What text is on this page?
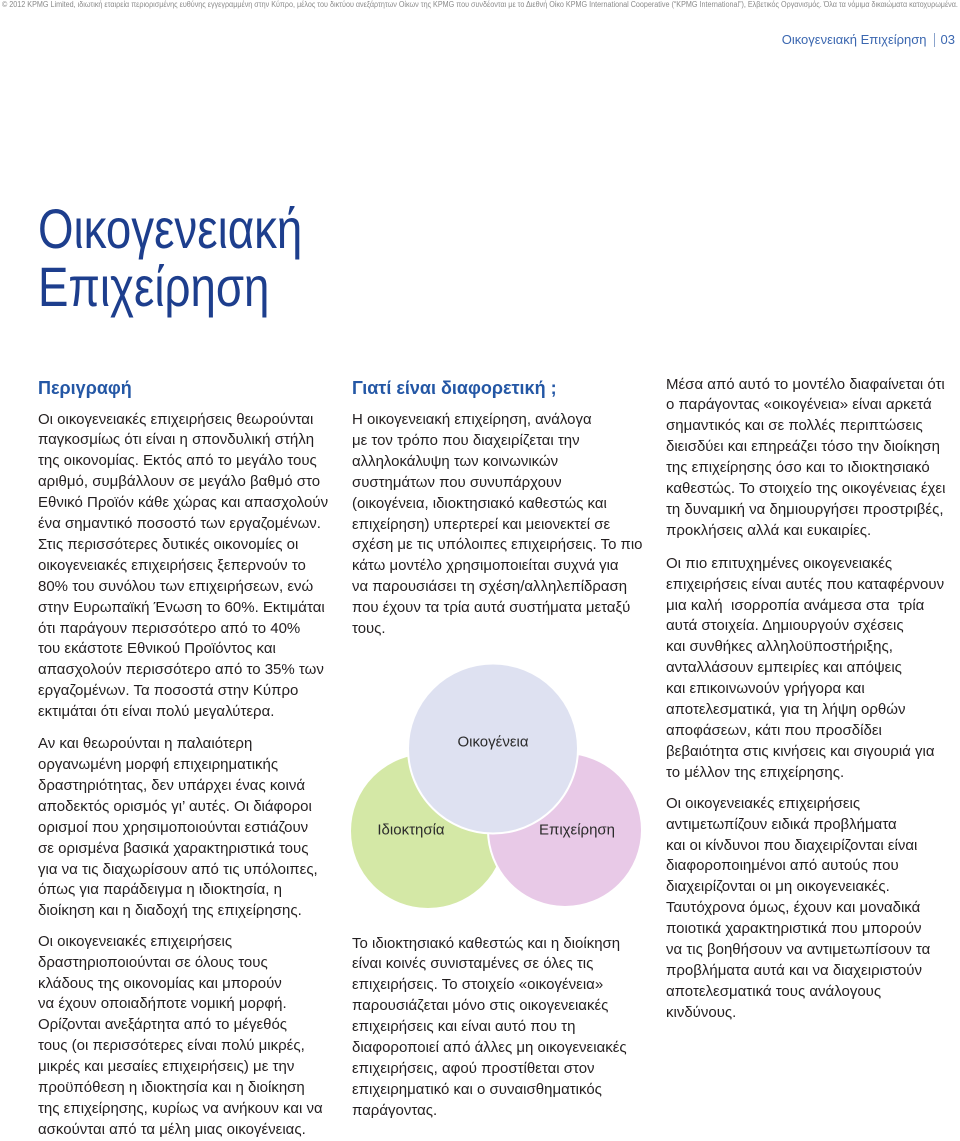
© 2012 KPMG Limited, ιδιωτική εταιρεία περιορισμένης ευθύνης εγγεγραμμένη στην Κύπρο, μέλος του δικτύου ανεξάρτητων Οίκων της KPMG που συνδέονται με το Διεθνή Οίκο KPMG International Cooperative (“KPMG International”), Ελβετικός Οργανισμός. Όλα τα νόμιμα δικαιώματα κατοχυρωμένα.
Οικογενειακή Επιχείρηση 03
Οικογενειακή
Επιχείρηση
Περιγραφή

Οι οικογενειακές επιχειρήσεις θεωρούνται
παγκοσμίως ότι είναι η σπονδυλική στήλη
της οικονομίας. Εκτός από το μεγάλο τους
αριθμό, συμβάλλουν σε μεγάλο βαθμό στο
Εθνικό Προϊόν κάθε χώρας και απασχολούν
ένα σημαντικό ποσοστό των εργαζομένων.
Στις περισσότερες δυτικές οικονομίες οι
οικογενειακές επιχειρήσεις ξεπερνούν το
80% του συνόλου των επιχειρήσεων, ενώ
στην Ευρωπαϊκή Ένωση το 60%. Εκτιμάται
ότι παράγουν περισσότερο από το 40%
του εκάστοτε Εθνικού Προϊόντος και
απασχολούν περισσότερο από το 35% των
εργαζομένων. Τα ποσοστά στην Κύπρο
εκτιμάται ότι είναι πολύ μεγαλύτερα.

Αν και θεωρούνται η παλαιότερη
οργανωμένη μορφή επιχειρηματικής
δραστηριότητας, δεν υπάρχει ένας κοινά
αποδεκτός ορισμός γι’ αυτές. Οι διάφοροι
ορισμοί που χρησιμοποιούνται εστιάζουν
σε ορισμένα βασικά χαρακτηριστικά τους
για να τις διαχωρίσουν από τις υπόλοιπες,
όπως για παράδειγμα η ιδιοκτησία, η
διοίκηση και η διαδοχή της επιχείρησης.

Οι οικογενειακές επιχειρήσεις
δραστηριοποιούνται σε όλους τους
κλάδους της οικονομίας και μπορούν
να έχουν οποιαδήποτε νομική μορφή.
Ορίζονται ανεξάρτητα από το μέγεθός
τους (οι περισσότερες είναι πολύ μικρές,
μικρές και μεσαίες επιχειρήσεις) με την
προϋπόθεση η ιδιοκτησία και η διοίκηση
της επιχείρησης, κυρίως να ανήκουν και να
ασκούνται από τα μέλη μιας οικογένειας.

Γιατί είναι διαφορετική ;

Η οικογενειακή επιχείρηση, ανάλογα
με τον τρόπο που διαχειρίζεται την
αλληλοκάλυψη των κοινωνικών
συστημάτων που συνυπάρχουν
(οικογένεια, ιδιοκτησιακό καθεστώς και
επιχείρηση) υπερτερεί και μειονεκτεί σε
σχέση με τις υπόλοιπες επιχειρήσεις. Το πιο
κάτω μοντέλο χρησιμοποιείται συχνά για
να παρουσιάσει τη σχέση/αλληλεπίδραση
που έχουν τα τρία αυτά συστήματα μεταξύ
τους.

Οικογένεια
Ιδιοκτησία	Επιχείρηση

Το ιδιοκτησιακό καθεστώς και η διοίκηση
είναι κοινές συνισταμένες σε όλες τις
επιχειρήσεις. Το στοιχείο «οικογένεια»
παρουσιάζεται μόνο στις οικογενειακές
επιχειρήσεις και είναι αυτό που τη
διαφοροποιεί από άλλες μη οικογενειακές
επιχειρήσεις, αφού προστίθεται στον
επιχειρηματικό και ο συναισθηματικός
παράγοντας.

Μέσα από αυτό το μοντέλο διαφαίνεται ότι
ο παράγοντας «οικογένεια» είναι αρκετά
σημαντικός και σε πολλές περιπτώσεις
διεισδύει και επηρεάζει τόσο την διοίκηση
της επιχείρησης όσο και το ιδιοκτησιακό
καθεστώς. Το στοιχείο της οικογένειας έχει
τη δυναμική να δημιουργήσει προστριβές,
προκλήσεις αλλά και ευκαιρίες.

Οι πιο επιτυχημένες οικογενειακές
επιχειρήσεις είναι αυτές που καταφέρνουν
μια καλή  ισορροπία ανάμεσα στα  τρία
αυτά στοιχεία. Δημιουργούν σχέσεις
και συνθήκες αλληλοϋποστήριξης,
ανταλλάσουν εμπειρίες και απόψεις
και επικοινωνούν γρήγορα και
αποτελεσματικά, για τη λήψη ορθών
αποφάσεων, κάτι που προσδίδει
βεβαιότητα στις κινήσεις και σιγουριά για
το μέλλον της επιχείρησης.

Οι οικογενειακές επιχειρήσεις
αντιμετωπίζουν ειδικά προβλήματα
και οι κίνδυνοι που διαχειρίζονται είναι
διαφοροποιημένοι από αυτούς που
διαχειρίζονται οι μη οικογενειακές.
Ταυτόχρονα όμως, έχουν και μοναδικά
ποιοτικά χαρακτηριστικά που μπορούν
να τις βοηθήσουν να αντιμετωπίσουν τα
προβλήματα αυτά και να διαχειριστούν
αποτελεσματικά τους ανάλογους
κινδύνους.
